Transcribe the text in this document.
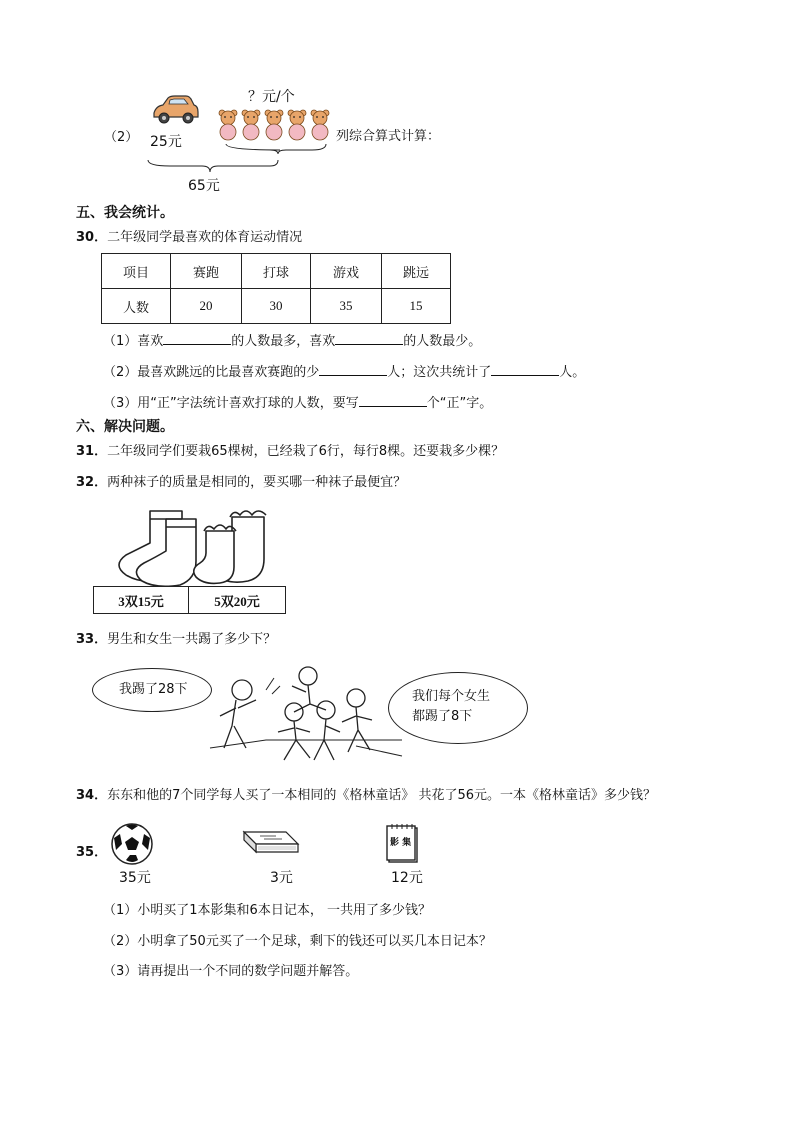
（2） 25元
？元/个
列综合算式计算：
65元
五、我会统计。
30．二年级同学最喜欢的体育运动情况
项目	赛跑	打球	游戏	跳远
人数	20	30	35	15
（1）喜欢	的人数最多，喜欢	的人数最少。
（2）最喜欢跳远的比最喜欢赛跑的少	人；这次共统计了	人。
（3）用“正”字法统计喜欢打球的人数，要写	个“正”字。
六、解决问题。
31．二年级同学们要栽65棵树，已经栽了6行，每行8棵。还要栽多少棵？
32．两种袜子的质量是相同的，要买哪一种袜子最便宜？
3双15元	5双20元
33．男生和女生一共踢了多少下？
我踢了28下	我们每个女生
都踢了8下
34．东东和他的7个同学每人买了一本相同的《格林童话》 共花了56元。一本《格林童话》多少钱？
35．
35元	3元
影 集
12元
（1）小明买了1本影集和6本日记本， 一共用了多少钱？
（2）小明拿了50元买了一个足球，剩下的钱还可以买几本日记本？
（3）请再提出一个不同的数学问题并解答。
